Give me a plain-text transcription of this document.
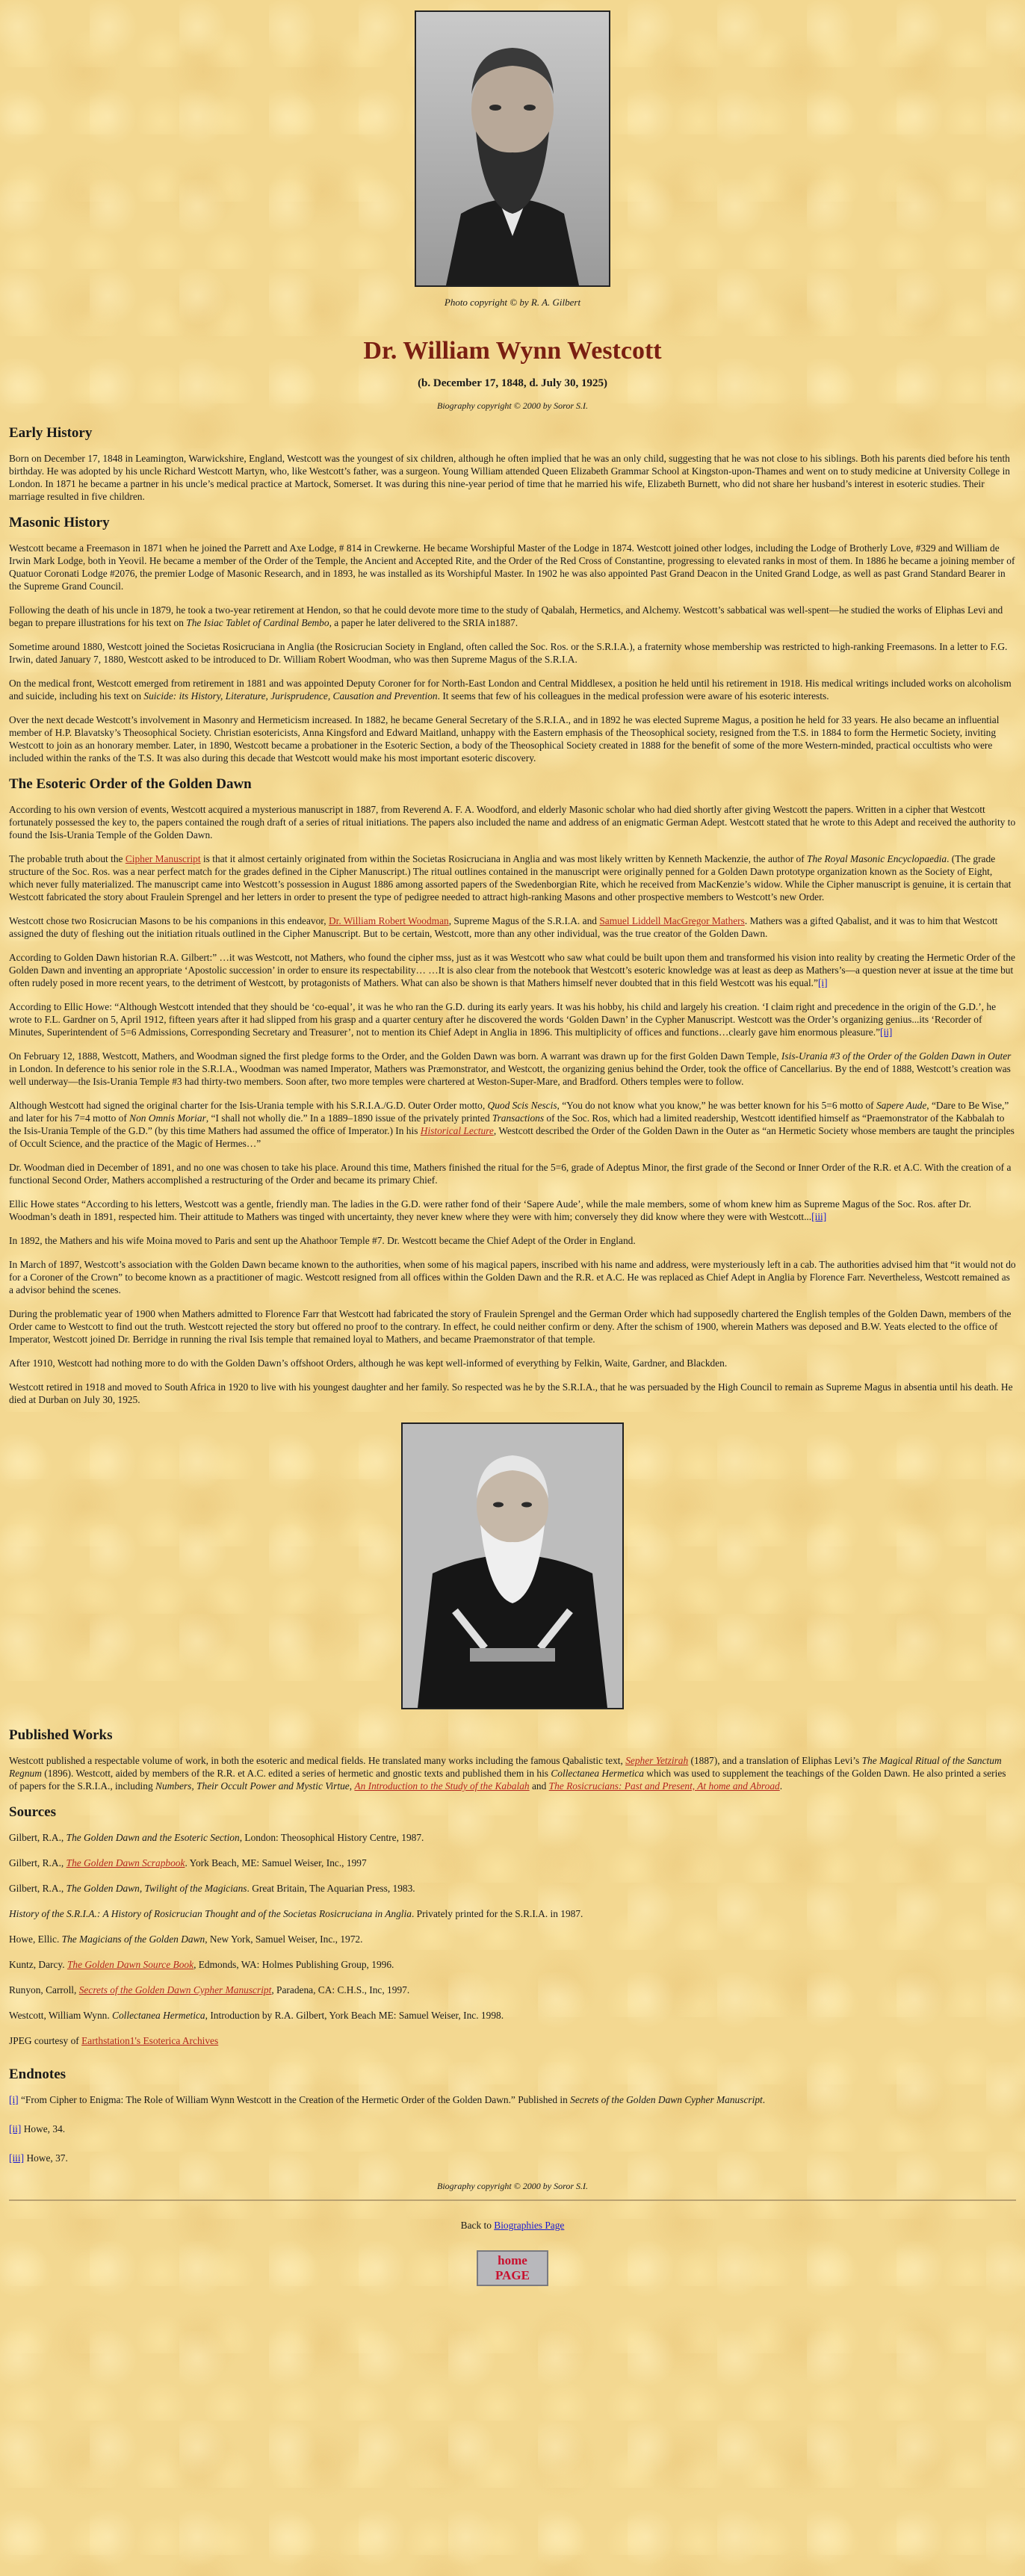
Photo copyright © by R. A. Gilbert

Dr. William Wynn Westcott
(b. December 17, 1848, d. July 30, 1925)
Biography copyright © 2000 by Soror S.I.
Early History

Born on December 17, 1848 in Leamington, Warwickshire, England, Westcott was the youngest of six children, although he often implied that he was an only child, suggesting that he was not close to his siblings. Both his parents died before his tenth birthday. He was adopted by his uncle Richard Westcott Martyn, who, like Westcott’s father, was a surgeon. Young William attended Queen Elizabeth Grammar School at Kingston-upon-Thames and went on to study medicine at University College in London. In 1871 he became a partner in his uncle’s medical practice at Martock, Somerset. It was during this nine-year period of time that he married his wife, Elizabeth Burnett, who did not share her husband’s interest in esoteric studies. Their marriage resulted in five children.

Masonic History

Westcott became a Freemason in 1871 when he joined the Parrett and Axe Lodge, # 814 in Crewkerne. He became Worshipful Master of the Lodge in 1874. Westcott joined other lodges, including the Lodge of Brotherly Love, #329 and William de Irwin Mark Lodge, both in Yeovil. He became a member of the Order of the Temple, the Ancient and Accepted Rite, and the Order of the Red Cross of Constantine, progressing to elevated ranks in most of them. In 1886 he became a joining member of Quatuor Coronati Lodge #2076, the premier Lodge of Masonic Research, and in 1893, he was installed as its Worshipful Master. In 1902 he was also appointed Past Grand Deacon in the United Grand Lodge, as well as past Grand Standard Bearer in the Supreme Grand Council.

Following the death of his uncle in 1879, he took a two-year retirement at Hendon, so that he could devote more time to the study of Qabalah, Hermetics, and Alchemy. Westcott’s sabbatical was well-spent—he studied the works of Eliphas Levi and began to prepare illustrations for his text on The Isiac Tablet of Cardinal Bembo, a paper he later delivered to the SRIA in1887.

Sometime around 1880, Westcott joined the Societas Rosicruciana in Anglia (the Rosicrucian Society in England, often called the Soc. Ros. or the S.R.I.A.), a fraternity whose membership was restricted to high-ranking Freemasons. In a letter to F.G. Irwin, dated January 7, 1880, Westcott asked to be introduced to Dr. William Robert Woodman, who was then Supreme Magus of the S.R.I.A.

On the medical front, Westcott emerged from retirement in 1881 and was appointed Deputy Coroner for for North-East London and Central Middlesex, a position he held until his retirement in 1918. His medical writings included works on alcoholism and suicide, including his text on Suicide: its History, Literature, Jurisprudence, Causation and Prevention. It seems that few of his colleagues in the medical profession were aware of his esoteric interests.

Over the next decade Westcott’s involvement in Masonry and Hermeticism increased. In 1882, he became General Secretary of the S.R.I.A., and in 1892 he was elected Supreme Magus, a position he held for 33 years. He also became an influential member of H.P. Blavatsky’s Theosophical Society. Christian esotericists, Anna Kingsford and Edward Maitland, unhappy with the Eastern emphasis of the Theosophical society, resigned from the T.S. in 1884 to form the Hermetic Society, inviting Westcott to join as an honorary member. Later, in 1890, Westcott became a probationer in the Esoteric Section, a body of the Theosophical Society created in 1888 for the benefit of some of the more Western-minded, practical occultists who were included within the ranks of the T.S. It was also during this decade that Westcott would make his most important esoteric discovery.

The Esoteric Order of the Golden Dawn

According to his own version of events, Westcott acquired a mysterious manuscript in 1887, from Reverend A. F. A. Woodford, and elderly Masonic scholar who had died shortly after giving Westcott the papers. Written in a cipher that Westcott fortunately possessed the key to, the papers contained the rough draft of a series of ritual initiations. The papers also included the name and address of an enigmatic German Adept. Westcott stated that he wrote to this Adept and received the authority to found the Isis-Urania Temple of the Golden Dawn.

The probable truth about the Cipher Manuscript is that it almost certainly originated from within the Societas Rosicruciana in Anglia and was most likely written by Kenneth Mackenzie, the author of The Royal Masonic Encyclopaedia. (The grade structure of the Soc. Ros. was a near perfect match for the grades defined in the Cipher Manuscript.) The ritual outlines contained in the manuscript were originally penned for a Golden Dawn prototype organization known as the Society of Eight, which never fully materialized. The manuscript came into Westcott’s possession in August 1886 among assorted papers of the Swedenborgian Rite, which he received from MacKenzie’s widow. While the Cipher manuscript is genuine, it is certain that Westcott fabricated the story about Fraulein Sprengel and her letters in order to present the type of pedigree needed to attract high-ranking Masons and other prospective members to Westcott’s new Order.

Westcott chose two Rosicrucian Masons to be his companions in this endeavor, Dr. William Robert Woodman, Supreme Magus of the S.R.I.A. and Samuel Liddell MacGregor Mathers. Mathers was a gifted Qabalist, and it was to him that Westcott assigned the duty of fleshing out the initiation rituals outlined in the Cipher Manuscript. But to be certain, Westcott, more than any other individual, was the true creator of the Golden Dawn.

According to Golden Dawn historian R.A. Gilbert:” …it was Westcott, not Mathers, who found the cipher mss, just as it was Westcott who saw what could be built upon them and transformed his vision into reality by creating the Hermetic Order of the Golden Dawn and inventing an appropriate ‘Apostolic succession’ in order to ensure its respectability… …It is also clear from the notebook that Westcott’s esoteric knowledge was at least as deep as Mathers’s—a question never at issue at the time but often rudely posed in more recent years, to the detriment of Westcott, by protagonists of Mathers. What can also be shown is that Mathers himself never doubted that in this field Westcott was his equal.”[i]

According to Ellic Howe: “Although Westcott intended that they should be ‘co-equal’, it was he who ran the G.D. during its early years. It was his hobby, his child and largely his creation. ‘I claim right and precedence in the origin of the G.D.’, he wrote to F.L. Gardner on 5, April 1912, fifteen years after it had slipped from his grasp and a quarter century after he discovered the words ‘Golden Dawn’ in the Cypher Manuscript. Westcott was the Order’s organizing genius...its ‘Recorder of Minutes, Superintendent of 5=6 Admissions, Corresponding Secretary and Treasurer’, not to mention its Chief Adept in Anglia in 1896. This multiplicity of offices and functions…clearly gave him enormous pleasure.”[ii]

On February 12, 1888, Westcott, Mathers, and Woodman signed the first pledge forms to the Order, and the Golden Dawn was born. A warrant was drawn up for the first Golden Dawn Temple, Isis-Urania #3 of the Order of the Golden Dawn in Outer in London. In deference to his senior role in the S.R.I.A., Woodman was named Imperator, Mathers was Præmonstrator, and Westcott, the organizing genius behind the Order, took the office of Cancellarius. By the end of 1888, Westcott’s creation was well underway—the Isis-Urania Temple #3 had thirty-two members. Soon after, two more temples were chartered at Weston-Super-Mare, and Bradford. Others temples were to follow.

Although Westcott had signed the original charter for the Isis-Urania temple with his S.R.I.A./G.D. Outer Order motto, Quod Scis Nescis, “You do not know what you know,” he was better known for his 5=6 motto of Sapere Aude, “Dare to Be Wise,” and later for his 7=4 motto of Non Omnis Moriar, “I shall not wholly die.” In a 1889–1890 issue of the privately printed Transactions of the Soc. Ros, which had a limited readership, Westcott identified himself as “Praemonstrator of the Kabbalah to the Isis-Urania Temple of the G.D.” (by this time Mathers had assumed the office of Imperator.) In his Historical Lecture, Westcott described the Order of the Golden Dawn in the Outer as “an Hermetic Society whose members are taught the principles of Occult Science, and the practice of the Magic of Hermes…”

Dr. Woodman died in December of 1891, and no one was chosen to take his place. Around this time, Mathers finished the ritual for the 5=6, grade of Adeptus Minor, the first grade of the Second or Inner Order of the R.R. et A.C. With the creation of a functional Second Order, Mathers accomplished a restructuring of the Order and became its primary Chief.

Ellic Howe states “According to his letters, Westcott was a gentle, friendly man. The ladies in the G.D. were rather fond of their ‘Sapere Aude’, while the male members, some of whom knew him as Supreme Magus of the Soc. Ros. after Dr. Woodman’s death in 1891, respected him. Their attitude to Mathers was tinged with uncertainty, they never knew where they were with him; conversely they did know where they were with Westcott...[iii]

In 1892, the Mathers and his wife Moina moved to Paris and sent up the Ahathoor Temple #7. Dr. Westcott became the Chief Adept of the Order in England.

In March of 1897, Westcott’s association with the Golden Dawn became known to the authorities, when some of his magical papers, inscribed with his name and address, were mysteriously left in a cab. The authorities advised him that “it would not do for a Coroner of the Crown” to become known as a practitioner of magic. Westcott resigned from all offices within the Golden Dawn and the R.R. et A.C. He was replaced as Chief Adept in Anglia by Florence Farr. Nevertheless, Westcott remained as a advisor behind the scenes.

During the problematic year of 1900 when Mathers admitted to Florence Farr that Westcott had fabricated the story of Fraulein Sprengel and the German Order which had supposedly chartered the English temples of the Golden Dawn, members of the Order came to Westcott to find out the truth. Westcott rejected the story but offered no proof to the contrary. In effect, he could neither confirm or deny. After the schism of 1900, wherein Mathers was deposed and B.W. Yeats elected to the office of Imperator, Westcott joined Dr. Berridge in running the rival Isis temple that remained loyal to Mathers, and became Praemonstrator of that temple.

After 1910, Westcott had nothing more to do with the Golden Dawn’s offshoot Orders, although he was kept well-informed of everything by Felkin, Waite, Gardner, and Blackden.

Westcott retired in 1918 and moved to South Africa in 1920 to live with his youngest daughter and her family. So respected was he by the S.R.I.A., that he was persuaded by the High Council to remain as Supreme Magus in absentia until his death. He died at Durban on July 30, 1925.

Published Works

Westcott published a respectable volume of work, in both the esoteric and medical fields. He translated many works including the famous Qabalistic text, Sepher Yetzirah (1887), and a translation of Eliphas Levi’s The Magical Ritual of the Sanctum Regnum (1896). Westcott, aided by members of the R.R. et A.C. edited a series of hermetic and gnostic texts and published them in his Collectanea Hermetica which was used to supplement the teachings of the Golden Dawn. He also printed a series of papers for the S.R.I.A., including Numbers, Their Occult Power and Mystic Virtue, An Introduction to the Study of the Kabalah and The Rosicrucians: Past and Present, At home and Abroad.

Sources

Gilbert, R.A., The Golden Dawn and the Esoteric Section, London: Theosophical History Centre, 1987.

Gilbert, R.A., The Golden Dawn Scrapbook. York Beach, ME: Samuel Weiser, Inc., 1997

Gilbert, R.A., The Golden Dawn, Twilight of the Magicians. Great Britain, The Aquarian Press, 1983.

History of the S.R.I.A.: A History of Rosicrucian Thought and of the Societas Rosicruciana in Anglia. Privately printed for the S.R.I.A. in 1987.

Howe, Ellic. The Magicians of the Golden Dawn, New York, Samuel Weiser, Inc., 1972.

Kuntz, Darcy. The Golden Dawn Source Book, Edmonds, WA: Holmes Publishing Group, 1996.

Runyon, Carroll, Secrets of the Golden Dawn Cypher Manuscript, Paradena, CA: C.H.S., Inc, 1997.

Westcott, William Wynn. Collectanea Hermetica, Introduction by R.A. Gilbert, York Beach ME: Samuel Weiser, Inc. 1998.

JPEG courtesy of Earthstation1's Esoterica Archives

Endnotes

[i] “From Cipher to Enigma: The Role of William Wynn Westcott in the Creation of the Hermetic Order of the Golden Dawn.” Published in Secrets of the Golden Dawn Cypher Manuscript.

[ii] Howe, 34.

[iii] Howe, 37.

Biography copyright © 2000 by Soror S.I.

Back to Biographies Page

home
PAGE
